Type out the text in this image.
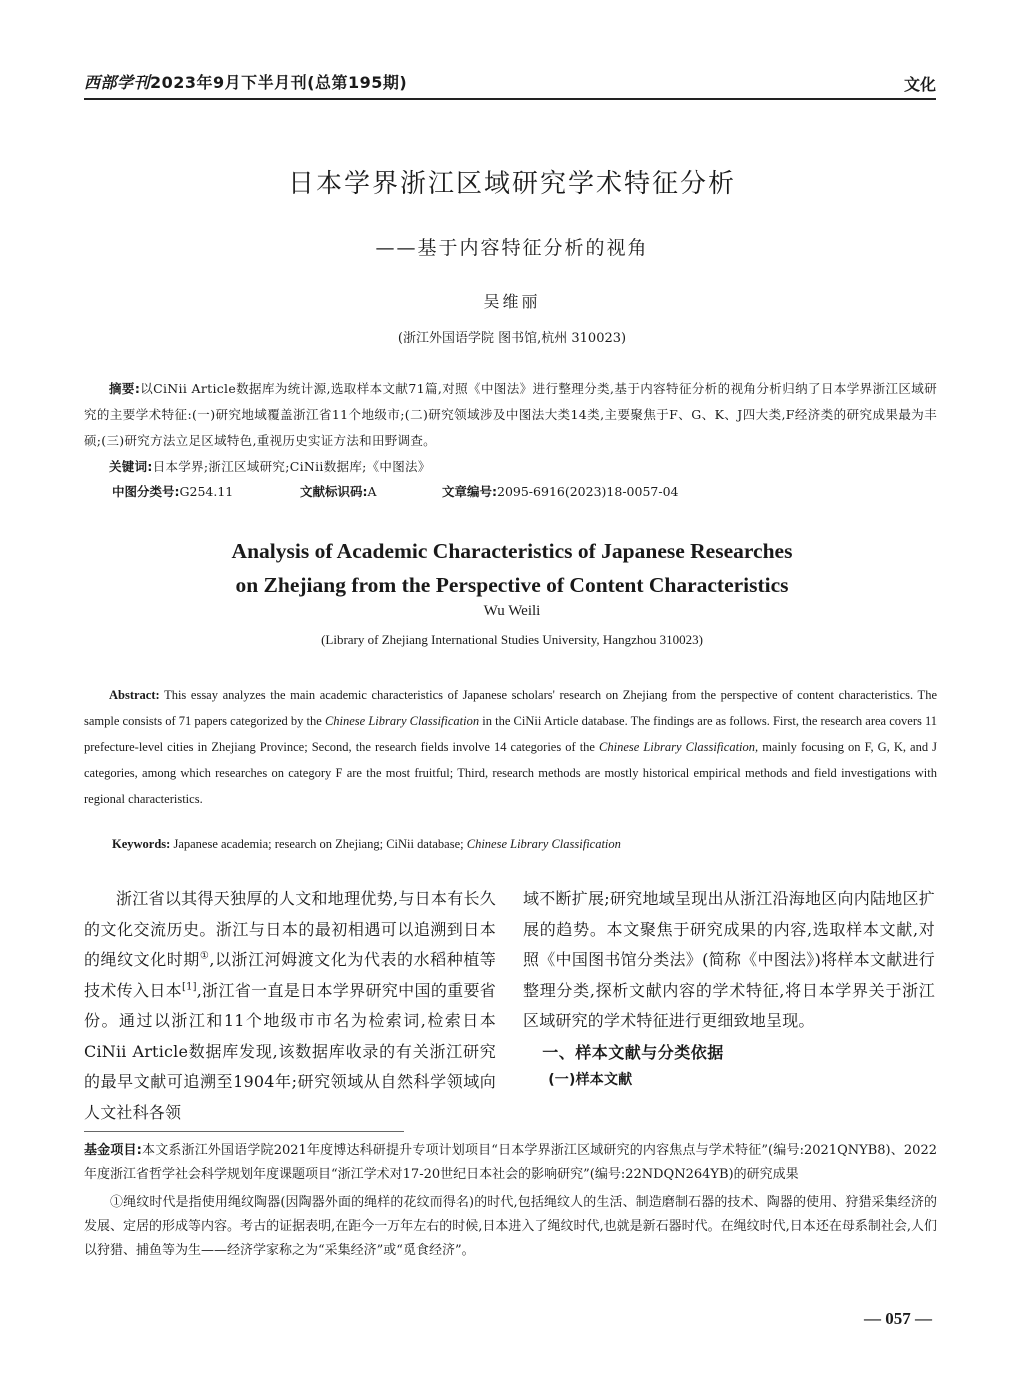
西部学刊2023年9月下半月刊(总第195期)	文化
日本学界浙江区域研究学术特征分析
——基于内容特征分析的视角
吴维丽
(浙江外国语学院 图书馆,杭州 310023)

摘要:以CiNii Article数据库为统计源,选取样本文献71篇,对照《中图法》进行整理分类,基于内容特征分析的视角分析归纳了日本学界浙江区域研究的主要学术特征:(一)研究地域覆盖浙江省11个地级市;(二)研究领域涉及中图法大类14类,主要聚焦于F、G、K、J四大类,F经济类的研究成果最为丰硕;(三)研究方法立足区域特色,重视历史实证方法和田野调查。

关键词:日本学界;浙江区域研究;CiNii数据库;《中图法》

中图分类号:G254.11	文献标识码:A	文章编号:2095-6916(2023)18-0057-04
Analysis of Academic Characteristics of Japanese Researches
on Zhejiang from the Perspective of Content Characteristics
Wu Weili
(Library of Zhejiang International Studies University, Hangzhou 310023)

Abstract: This essay analyzes the main academic characteristics of Japanese scholars' research on Zhejiang from the perspective of content characteristics. The sample consists of 71 papers categorized by the Chinese Library Classification in the CiNii Article database. The findings are as follows. First, the research area covers 11 prefecture-level cities in Zhejiang Province; Second, the research fields involve 14 categories of the Chinese Library Classification, mainly focusing on F, G, K, and J categories, among which researches on category F are the most fruitful; Third, research methods are mostly historical empirical methods and field investigations with regional characteristics.

Keywords: Japanese academia; research on Zhejiang; CiNii database; Chinese Library Classification

浙江省以其得天独厚的人文和地理优势,与日本有长久的文化交流历史。浙江与日本的最初相遇可以追溯到日本的绳纹文化时期①,以浙江河姆渡文化为代表的水稻种植等技术传入日本[1],浙江省一直是日本学界研究中国的重要省份。通过以浙江和11个地级市市名为检索词,检索日本CiNii Article数据库发现,该数据库收录的有关浙江研究的最早文献可追溯至1904年;研究领域从自然科学领域向人文社科各领

域不断扩展;研究地域呈现出从浙江沿海地区向内陆地区扩展的趋势。本文聚焦于研究成果的内容,选取样本文献,对照《中国图书馆分类法》(简称《中图法》)将样本文献进行整理分类,探析文献内容的学术特征,将日本学界关于浙江区域研究的学术特征进行更细致地呈现。

一、样本文献与分类依据

(一)样本文献

基金项目:本文系浙江外国语学院2021年度博达科研提升专项计划项目“日本学界浙江区域研究的内容焦点与学术特征”(编号:2021QNYB8)、2022年度浙江省哲学社会科学规划年度课题项目“浙江学术对17-20世纪日本社会的影响研究”(编号:22NDQN264YB)的研究成果

①绳纹时代是指使用绳纹陶器(因陶器外面的绳样的花纹而得名)的时代,包括绳纹人的生活、制造磨制石器的技术、陶器的使用、狩猎采集经济的发展、定居的形成等内容。考古的证据表明,在距今一万年左右的时候,日本进入了绳纹时代,也就是新石器时代。在绳纹时代,日本还在母系制社会,人们以狩猎、捕鱼等为生——经济学家称之为“采集经济”或“觅食经济”。

— 057 —
